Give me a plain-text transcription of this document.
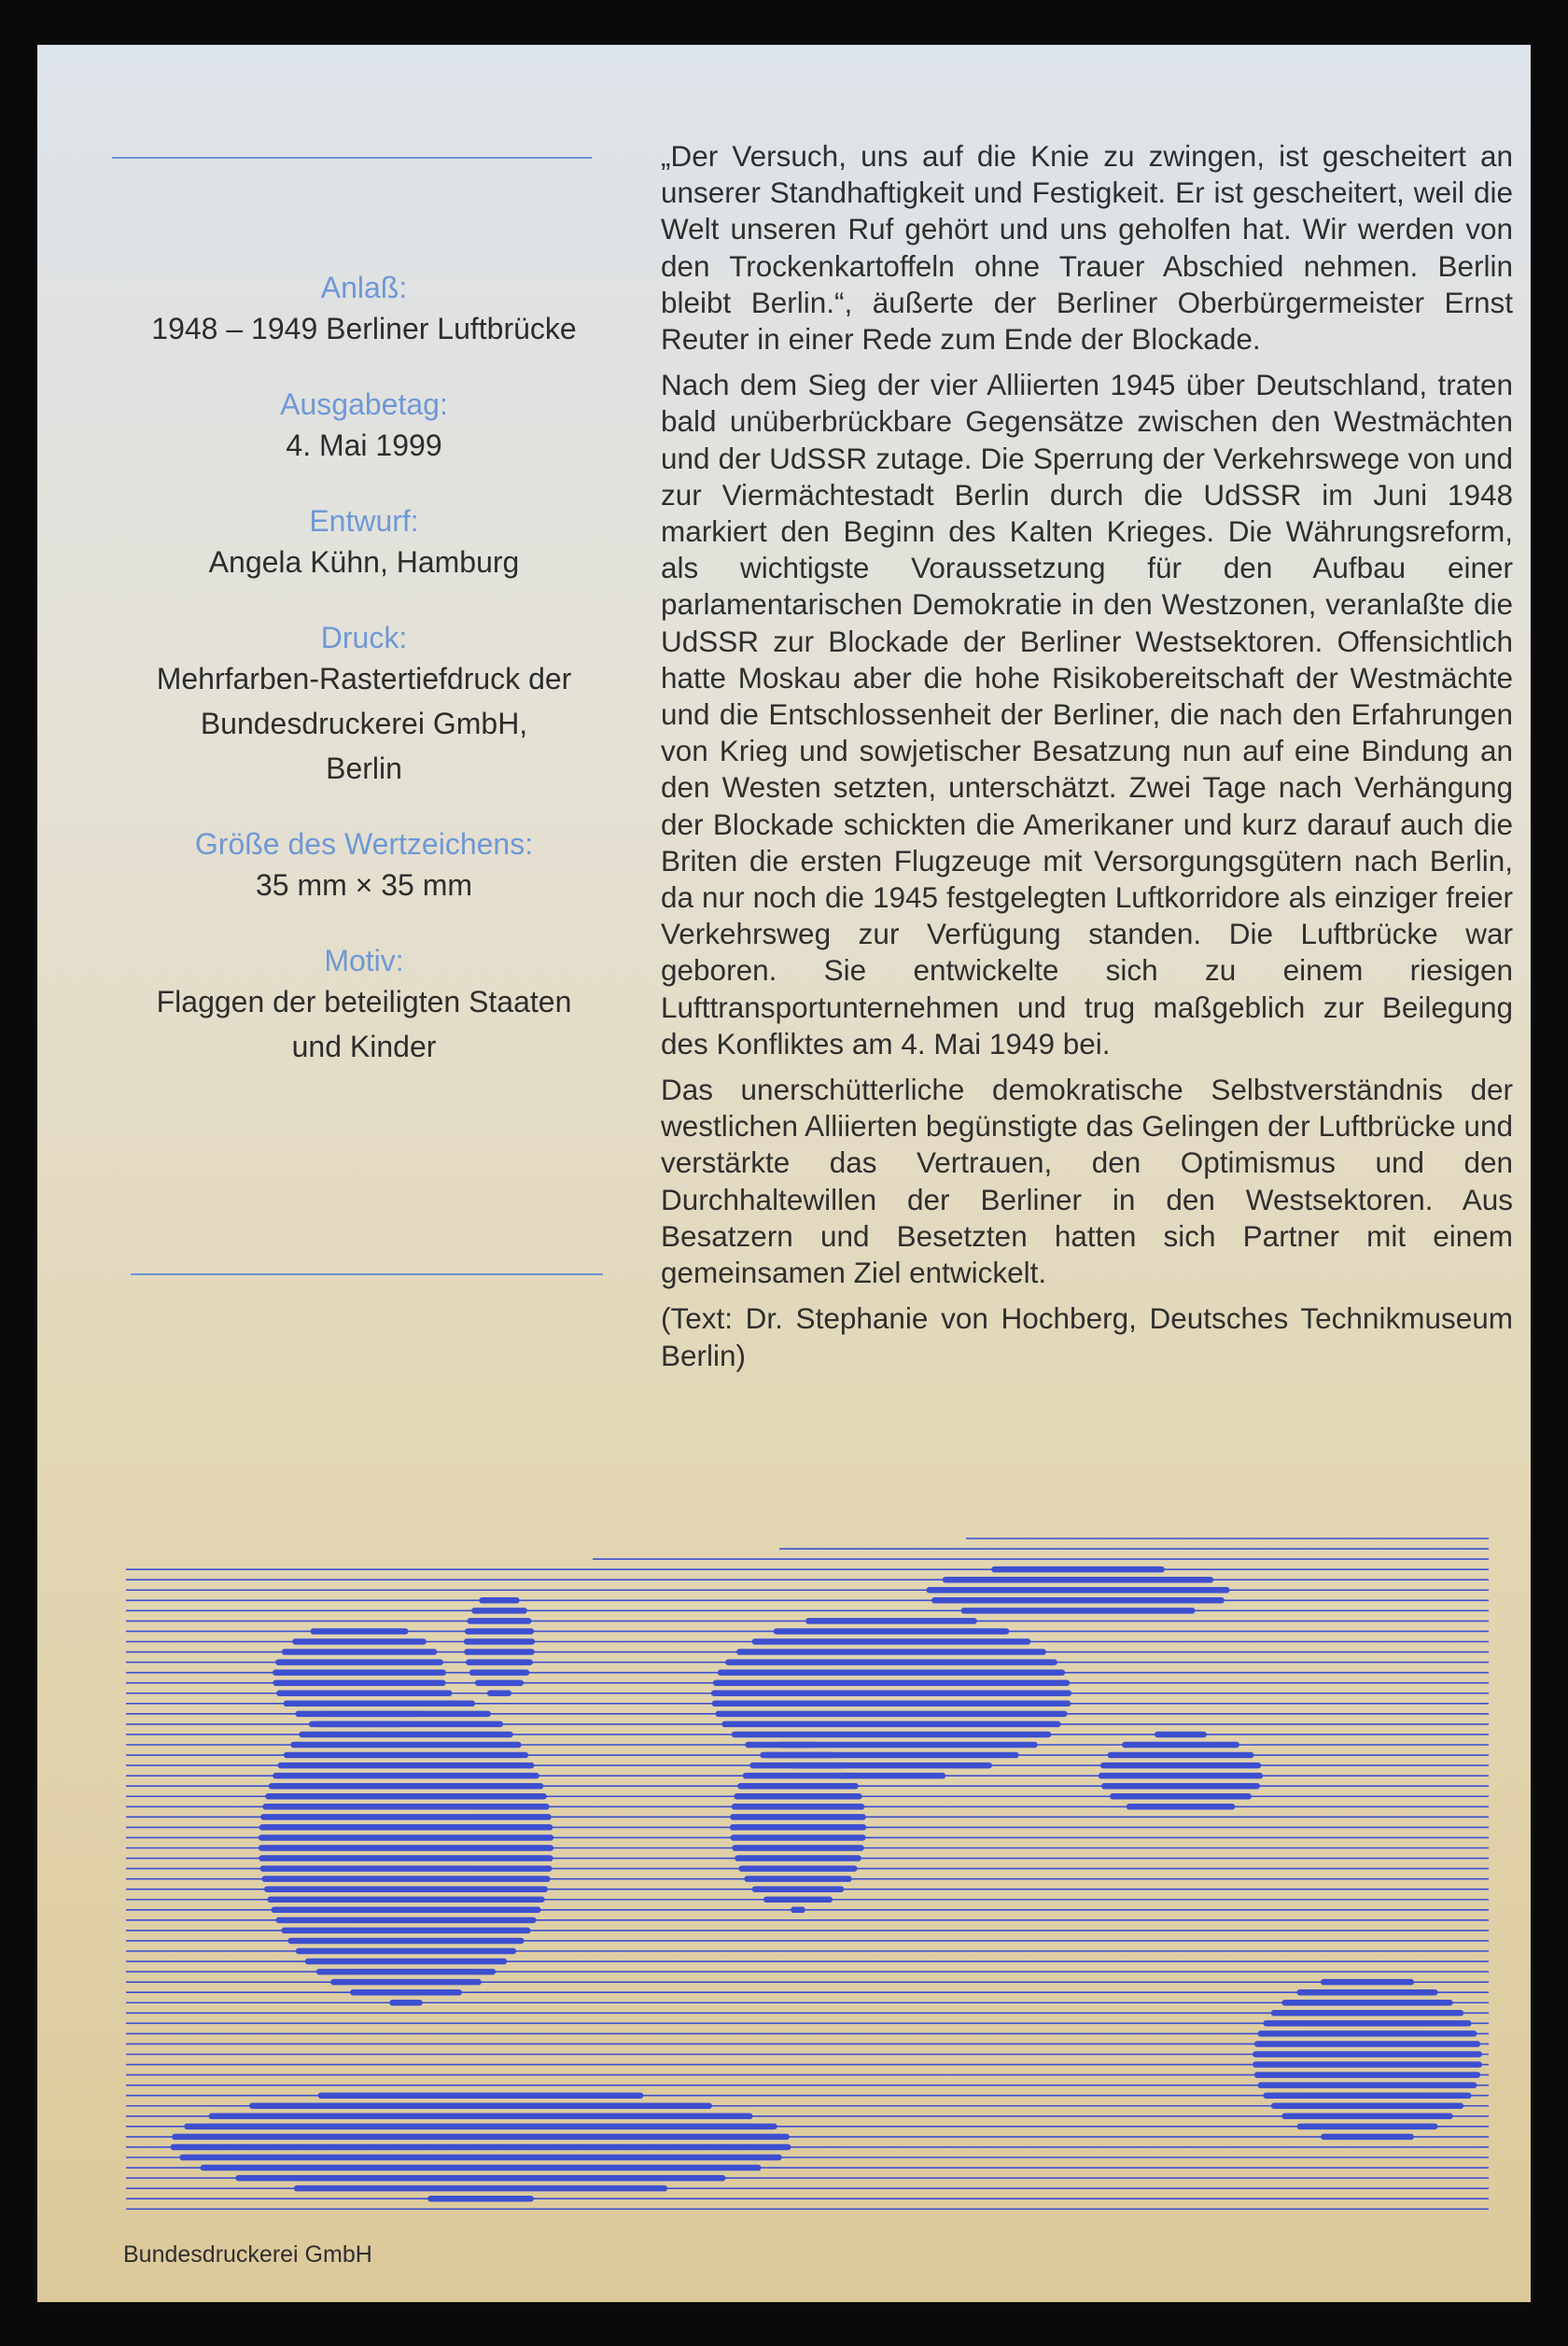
Anlaß:
1948 – 1949 Berliner Luftbrücke
Ausgabetag:
4. Mai 1999
Entwurf:
Angela Kühn, Hamburg
Druck:
Mehrfarben-Rastertiefdruck der
Bundesdruckerei GmbH,
Berlin
Größe des Wertzeichens:
35 mm × 35 mm
Motiv:
Flaggen der beteiligten Staaten
und Kinder

„Der Versuch, uns auf die Knie zu zwingen, ist gescheitert an unserer Standhaftigkeit und Festigkeit. Er ist gescheitert, weil die Welt unseren Ruf gehört und uns geholfen hat. Wir werden von den Trockenkartoffeln ohne Trauer Abschied nehmen. Berlin bleibt Berlin.“, äußerte der Berliner Oberbürgermeister Ernst Reuter in einer Rede zum Ende der Blockade.

Nach dem Sieg der vier Alliierten 1945 über Deutschland, traten bald unüberbrückbare Gegensätze zwischen den Westmächten und der UdSSR zutage. Die Sperrung der Verkehrswege von und zur Viermächtestadt Berlin durch die UdSSR im Juni 1948 markiert den Beginn des Kalten Krieges. Die Währungsreform, als wichtigste Voraussetzung für den Aufbau einer parlamentarischen Demokratie in den Westzonen, veranlaßte die UdSSR zur Blockade der Berliner Westsektoren. Offensichtlich hatte Moskau aber die hohe Risikobereitschaft der Westmächte und die Entschlossenheit der Berliner, die nach den Erfahrungen von Krieg und sowjetischer Besatzung nun auf eine Bindung an den Westen setzten, unterschätzt. Zwei Tage nach Verhängung der Blockade schickten die Amerikaner und kurz darauf auch die Briten die ersten Flugzeuge mit Versorgungsgütern nach Berlin, da nur noch die 1945 festgelegten Luftkorridore als einziger freier Verkehrsweg zur Verfügung standen. Die Luftbrücke war geboren. Sie entwickelte sich zu einem riesigen Lufttransportunternehmen und trug maßgeblich zur Beilegung des Konfliktes am 4. Mai 1949 bei.

Das unerschütterliche demokratische Selbstverständnis der westlichen Alliierten begünstigte das Gelingen der Luftbrücke und verstärkte das Vertrauen, den Optimismus und den Durchhaltewillen der Berliner in den Westsektoren. Aus Besatzern und Besetzten hatten sich Partner mit einem gemeinsamen Ziel entwickelt.

(Text: Dr. Stephanie von Hochberg, Deutsches Technikmuseum Berlin)

Bundesdruckerei GmbH
